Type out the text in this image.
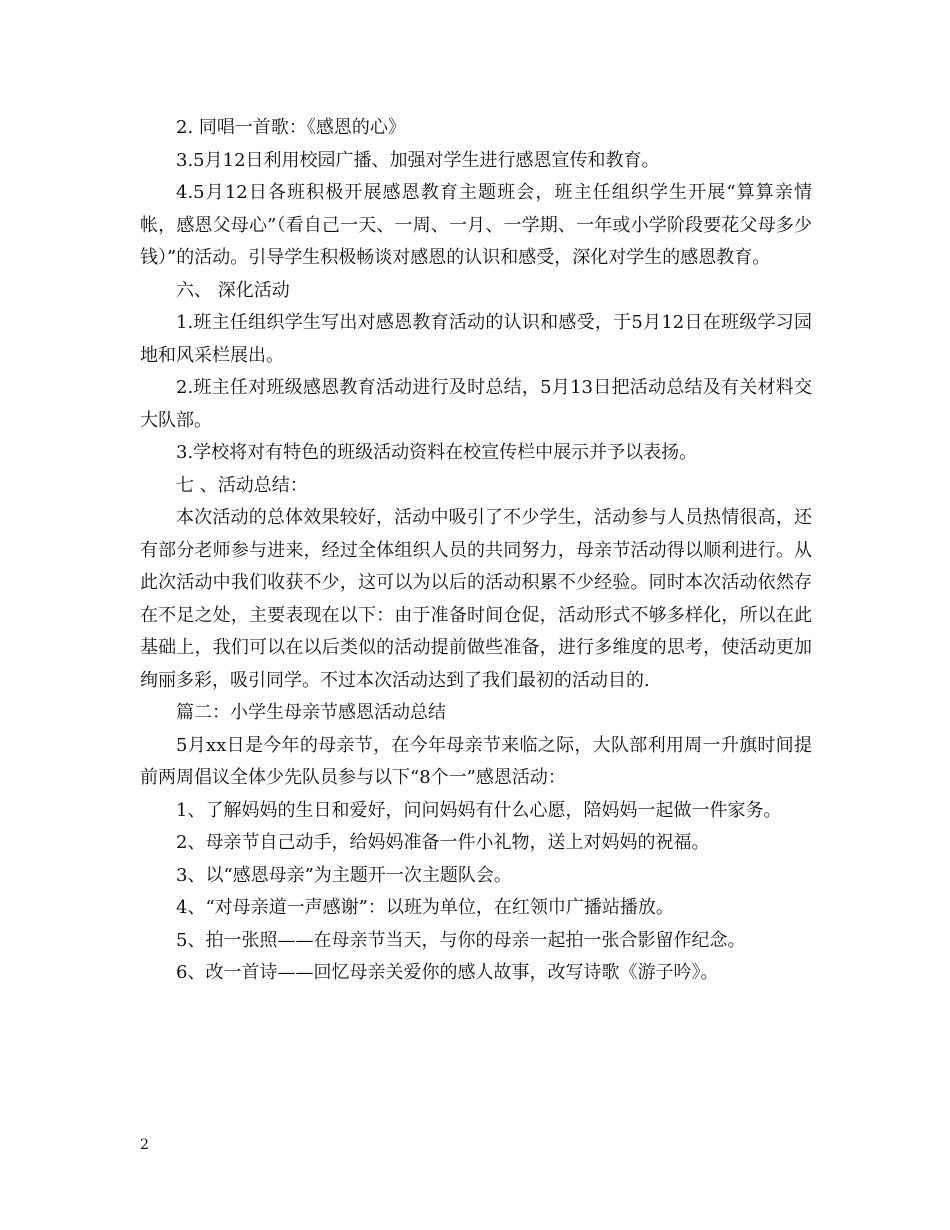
2. 同唱一首歌：《感恩的心》

3.5月12日利用校园广播、加强对学生进行感恩宣传和教育。

4.5月12日各班积极开展感恩教育主题班会，班主任组织学生开展“算算亲情帐，感恩父母心”（看自己一天、一周、一月、一学期、一年或小学阶段要花父母多少钱）”的活动。引导学生积极畅谈对感恩的认识和感受，深化对学生的感恩教育。

六、 深化活动

1.班主任组织学生写出对感恩教育活动的认识和感受，于5月12日在班级学习园地和风采栏展出。

2.班主任对班级感恩教育活动进行及时总结，5月13日把活动总结及有关材料交大队部。

3.学校将对有特色的班级活动资料在校宣传栏中展示并予以表扬。

七 、活动总结：

本次活动的总体效果较好，活动中吸引了不少学生，活动参与人员热情很高，还有部分老师参与进来，经过全体组织人员的共同努力，母亲节活动得以顺利进行。从此次活动中我们收获不少，这可以为以后的活动积累不少经验。同时本次活动依然存在不足之处，主要表现在以下：由于准备时间仓促，活动形式不够多样化，所以在此基础上，我们可以在以后类似的活动提前做些准备，进行多维度的思考，使活动更加绚丽多彩，吸引同学。不过本次活动达到了我们最初的活动目的.

篇二：小学生母亲节感恩活动总结

5月xx日是今年的母亲节，在今年母亲节来临之际，大队部利用周一升旗时间提前两周倡议全体少先队员参与以下“8个一”感恩活动：

1、了解妈妈的生日和爱好，问问妈妈有什么心愿，陪妈妈一起做一件家务。

2、母亲节自己动手，给妈妈准备一件小礼物，送上对妈妈的祝福。

3、以“感恩母亲”为主题开一次主题队会。

4、“对母亲道一声感谢”：以班为单位，在红领巾广播站播放。

5、拍一张照——在母亲节当天，与你的母亲一起拍一张合影留作纪念。

6、改一首诗——回忆母亲关爱你的感人故事，改写诗歌《游子吟》。

2
